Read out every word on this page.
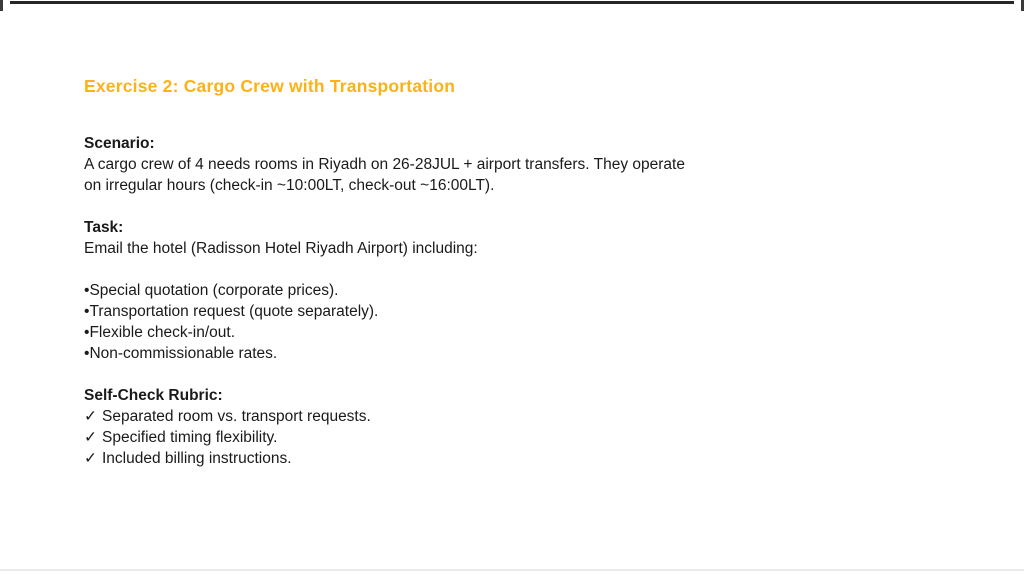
Exercise 2: Cargo Crew with Transportation
Scenario:
A cargo crew of 4 needs rooms in Riyadh on 26-28JUL + airport transfers. They operate
on irregular hours (check-in ~10:00LT, check-out ~16:00LT).
Task:
Email the hotel (Radisson Hotel Riyadh Airport) including:
•Special quotation (corporate prices).
•Transportation request (quote separately).
•Flexible check-in/out.
•Non-commissionable rates.
Self-Check Rubric:
✓ Separated room vs. transport requests.
✓ Specified timing flexibility.
✓ Included billing instructions.
